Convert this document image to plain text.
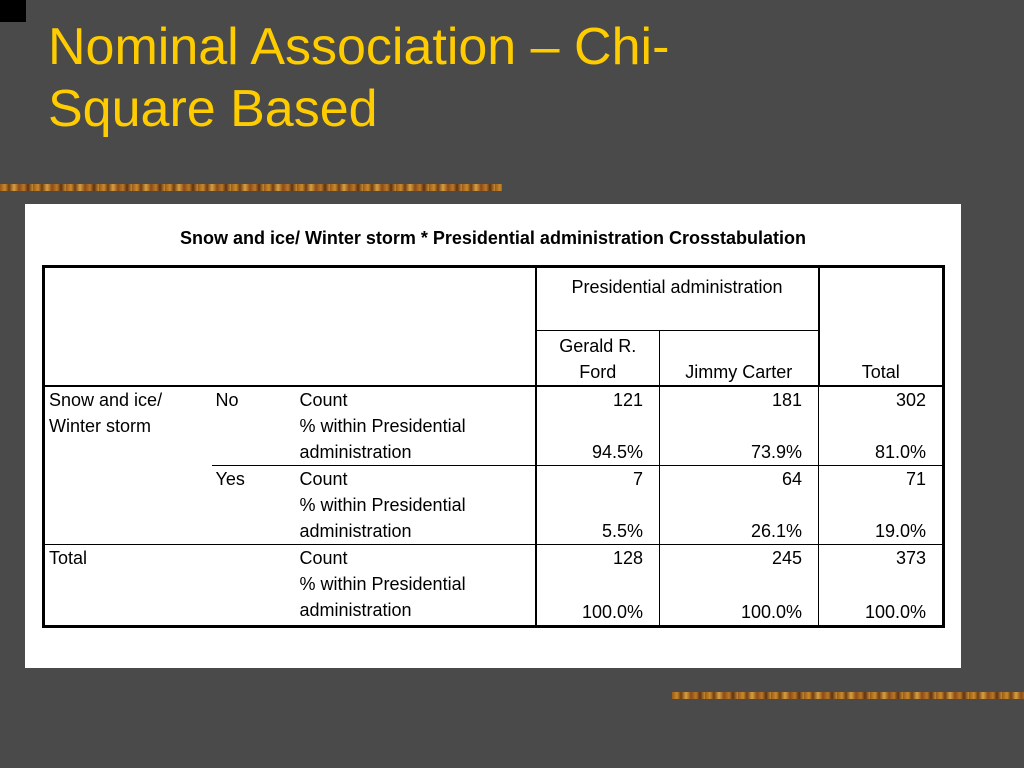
Nominal Association – Chi-
Square Based
Snow and ice/ Winter storm * Presidential administration Crosstabulation
			Presidential administration		Total
			Gerald R. Ford	Jimmy Carter	
Snow and ice/ Winter storm	No	Count	121	181	302
		% within Presidential administration	94.5%	73.9%	81.0%
	Yes	Count	7	64	71
		% within Presidential administration	5.5%	26.1%	19.0%
Total		Count	128	245	373
		% within Presidential administration	100.0%	100.0%	100.0%
